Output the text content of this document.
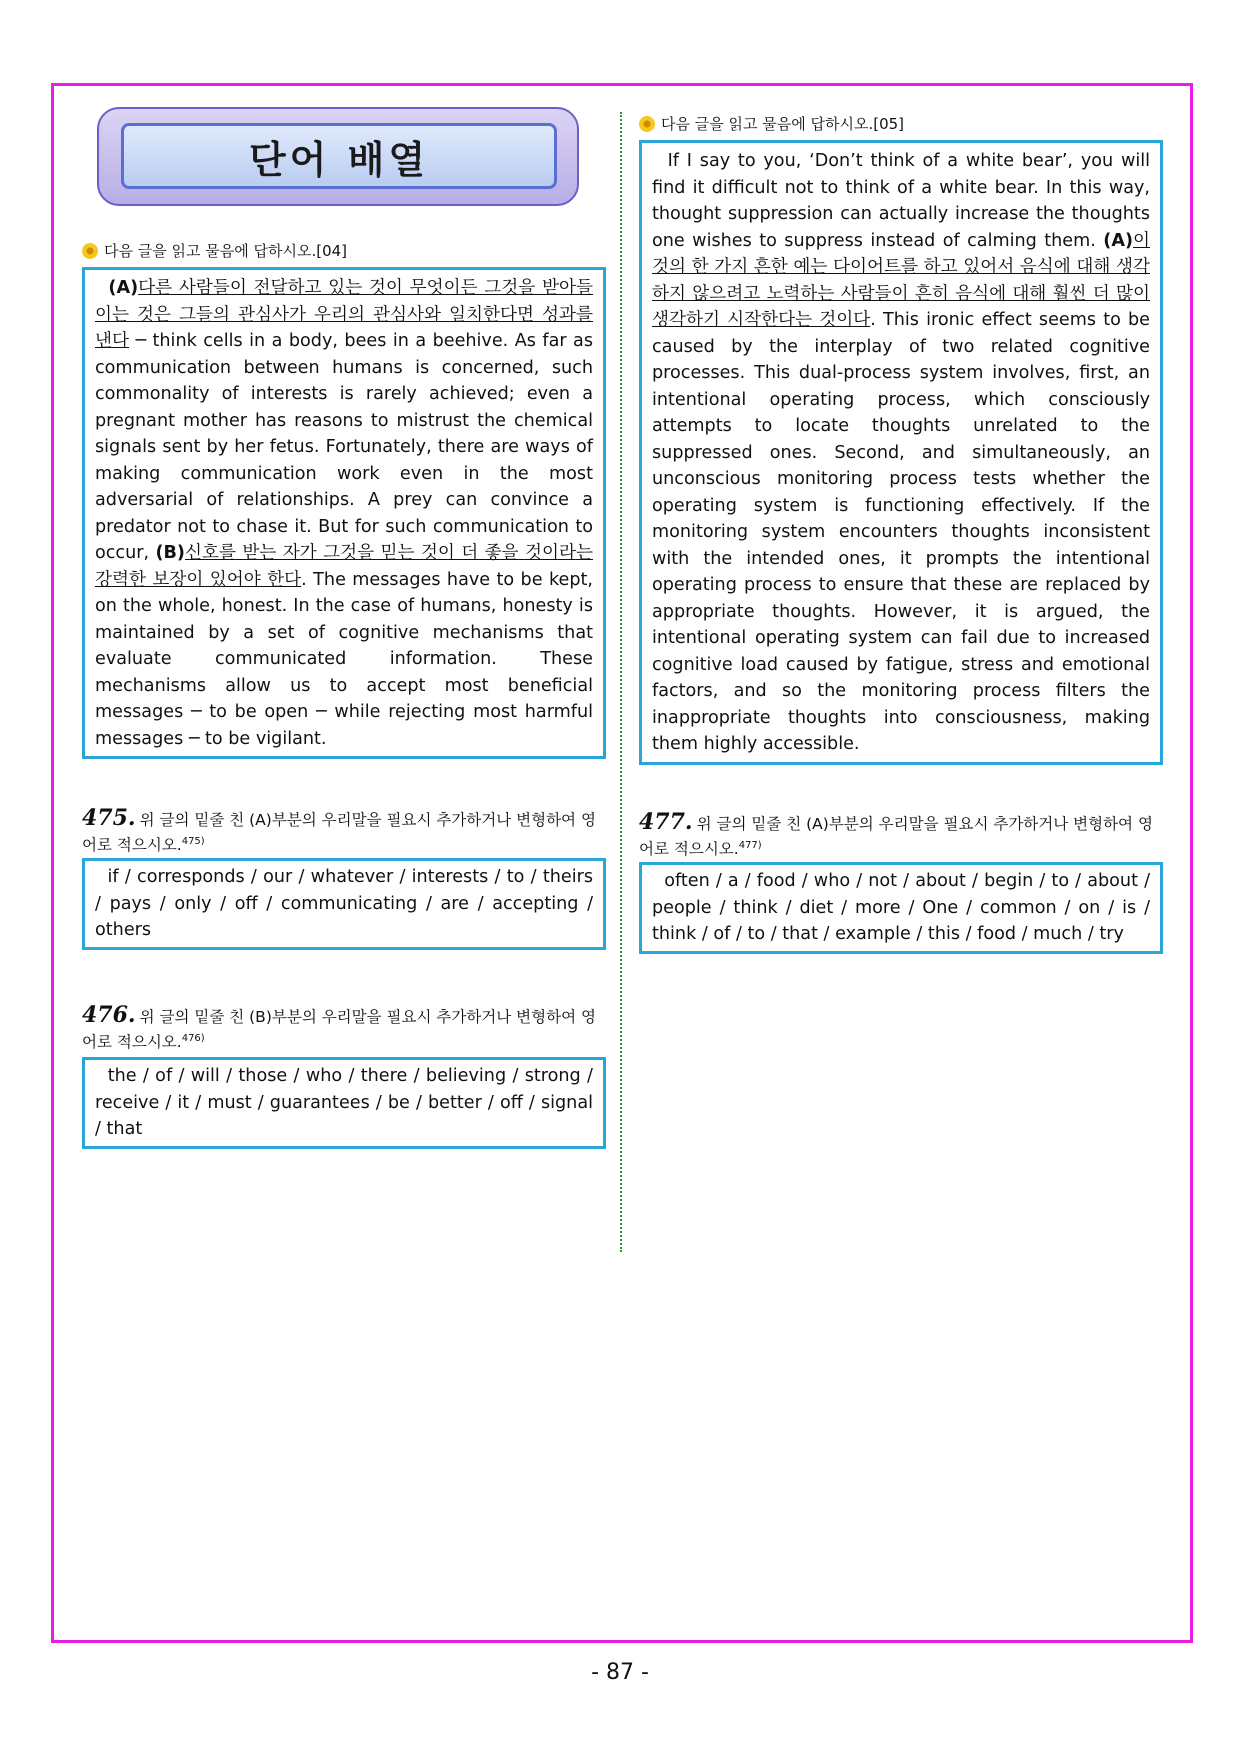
단어 배열
다음 글을 읽고 물음에 답하시오.[04]
(A)다른 사람들이 전달하고 있는 것이 무엇이든 그것을 받아들이는 것은 그들의 관심사가 우리의 관심사와 일치한다면 성과를 낸다 ─ think cells in a body, bees in a beehive. As far as communication between humans is concerned, such commonality of interests is rarely achieved; even a pregnant mother has reasons to mistrust the chemical signals sent by her fetus. Fortunately, there are ways of making communication work even in the most adversarial of relationships. A prey can convince a predator not to chase it. But for such communication to occur, (B)신호를 받는 자가 그것을 믿는 것이 더 좋을 것이라는 강력한 보장이 있어야 한다. The messages have to be kept, on the whole, honest. In the case of humans, honesty is maintained by a set of cognitive mechanisms that evaluate communicated information. These mechanisms allow us to accept most beneficial messages ─ to be open ─ while rejecting most harmful messages ─ to be vigilant.
475. 위 글의 밑줄 친 (A)부분의 우리말을 필요시 추가하거나 변형하여 영어로 적으시오.$^{475)}$
if / corresponds / our / whatever / interests / to / theirs / pays / only / off / communicating / are / accepting / others
476. 위 글의 밑줄 친 (B)부분의 우리말을 필요시 추가하거나 변형하여 영어로 적으시오.$^{476)}$
the / of / will / those / who / there / believing / strong / receive / it / must / guarantees / be / better / off / signal / that
다음 글을 읽고 물음에 답하시오.[05]
If I say to you, ‘Don’t think of a white bear’, you will find it difficult not to think of a white bear. In this way, thought suppression can actually increase the thoughts one wishes to suppress instead of calming them. (A)이것의 한 가지 흔한 예는 다이어트를 하고 있어서 음식에 대해 생각하지 않으려고 노력하는 사람들이 흔히 음식에 대해 훨씬 더 많이 생각하기 시작한다는 것이다. This ironic effect seems to be caused by the interplay of two related cognitive processes. This dual-process system involves, first, an intentional operating process, which consciously attempts to locate thoughts unrelated to the suppressed ones. Second, and simultaneously, an unconscious monitoring process tests whether the operating system is functioning effectively. If the monitoring system encounters thoughts inconsistent with the intended ones, it prompts the intentional operating process to ensure that these are replaced by appropriate thoughts. However, it is argued, the intentional operating system can fail due to increased cognitive load caused by fatigue, stress and emotional factors, and so the monitoring process filters the inappropriate thoughts into consciousness, making them highly accessible.
477. 위 글의 밑줄 친 (A)부분의 우리말을 필요시 추가하거나 변형하여 영어로 적으시오.$^{477)}$
often / a / food / who / not / about / begin / to / about / people / think / diet / more / One / common / on / is / think / of / to / that / example / this / food / much / try
- 87 -
